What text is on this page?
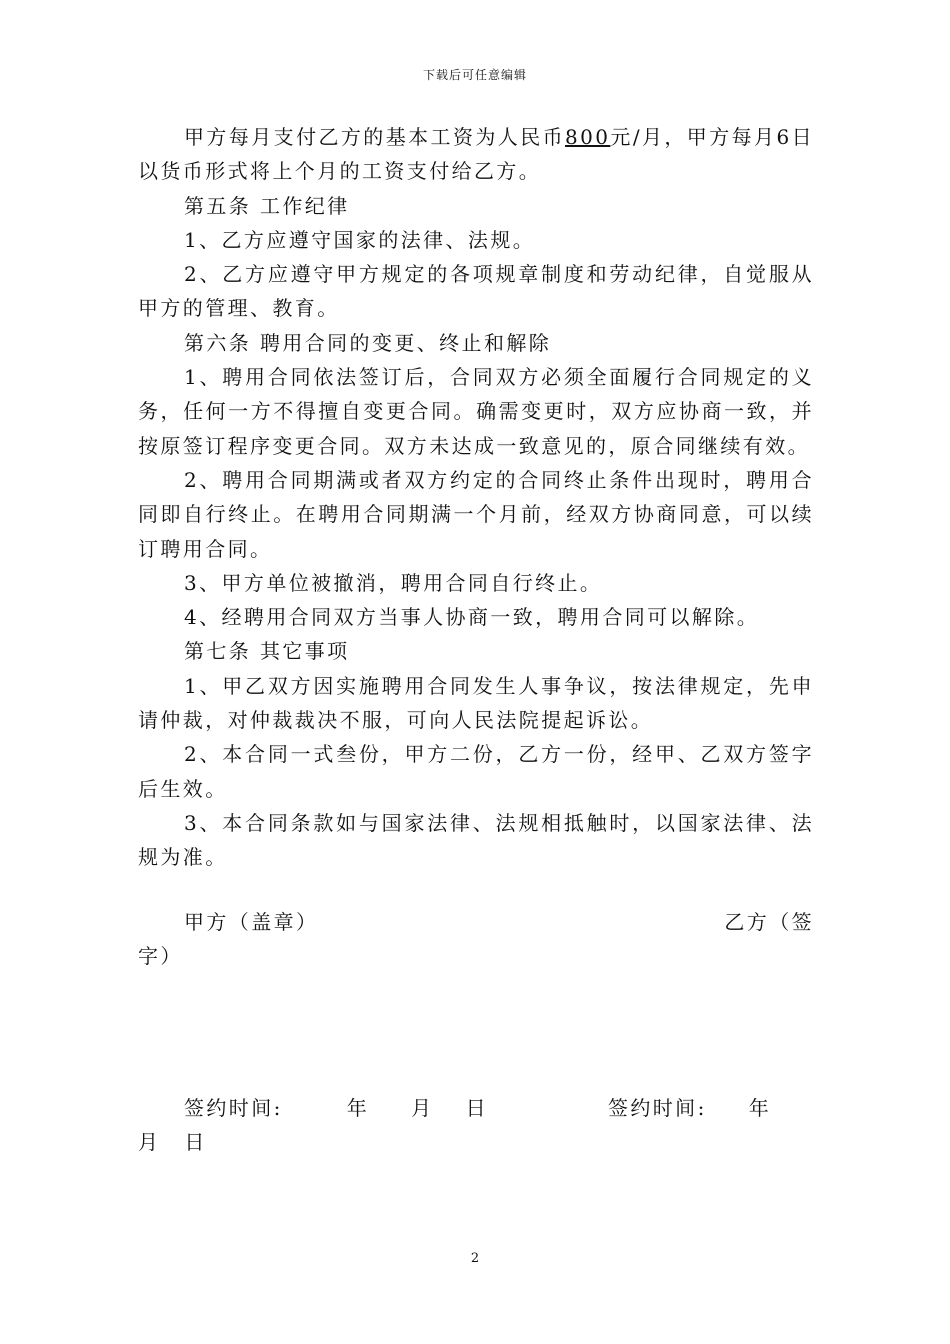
下载后可任意编辑

甲方每月支付乙方的基本工资为人民币800元/月，甲方每月6日以货币形式将上个月的工资支付给乙方。

第五条 工作纪律

1、乙方应遵守国家的法律、法规。

2、乙方应遵守甲方规定的各项规章制度和劳动纪律，自觉服从甲方的管理、教育。

第六条 聘用合同的变更、终止和解除

1、聘用合同依法签订后，合同双方必须全面履行合同规定的义务，任何一方不得擅自变更合同。确需变更时，双方应协商一致，并按原签订程序变更合同。双方未达成一致意见的，原合同继续有效。

2、聘用合同期满或者双方约定的合同终止条件出现时，聘用合同即自行终止。在聘用合同期满一个月前，经双方协商同意，可以续订聘用合同。

3、甲方单位被撤消，聘用合同自行终止。

4、经聘用合同双方当事人协商一致，聘用合同可以解除。

第七条 其它事项

1、甲乙双方因实施聘用合同发生人事争议，按法律规定，先申请仲裁，对仲裁裁决不服，可向人民法院提起诉讼。

2、本合同一式叁份，甲方二份，乙方一份，经甲、乙双方签字后生效。

3、本合同条款如与国家法律、法规相抵触时，以国家法律、法规为准。

甲方（盖章）	乙方（签
字）
签约时间:	年 月 日	签约时间: 年
月 日
2
